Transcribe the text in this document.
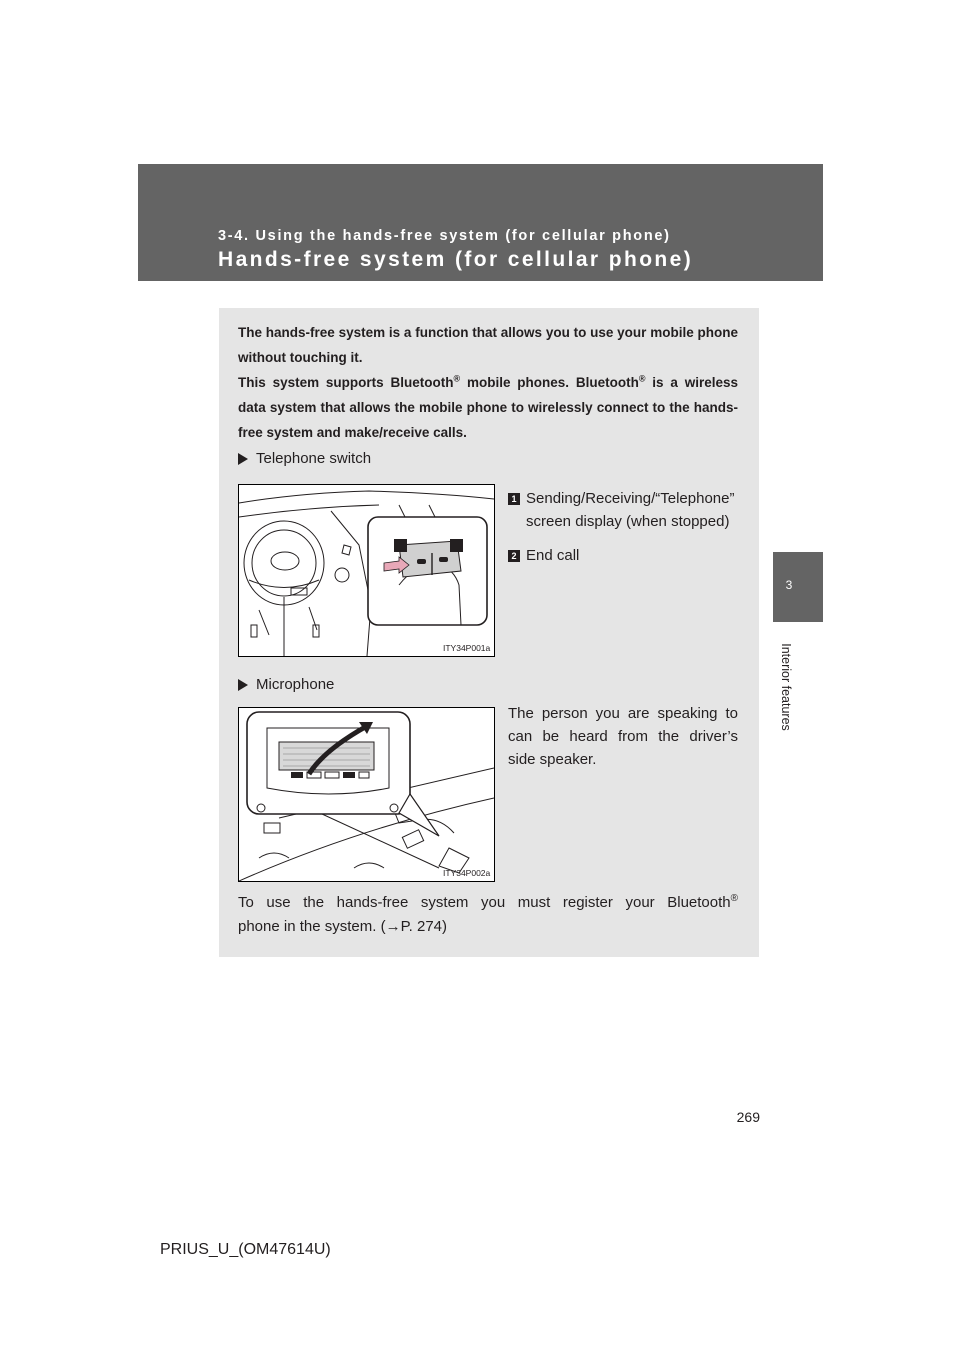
3-4. Using the hands-free system (for cellular phone)
Hands-free system (for cellular phone)
3
Interior features

The hands-free system is a function that allows you to use your mobile phone without touching it.

This system supports Bluetooth® mobile phones. Bluetooth® is a wireless data system that allows the mobile phone to wirelessly connect to the hands-free system and make/receive calls.

Telephone switch
ITY34P001a
1 Sending/Receiving/“Telephone” screen display (when stopped)
2 End call
Microphone
ITY34P002a

The person you are speaking to can be heard from the driver’s side speaker.

To use the hands-free system you must register your Bluetooth®
phone in the system. (→P. 274)
269
PRIUS_U_(OM47614U)
